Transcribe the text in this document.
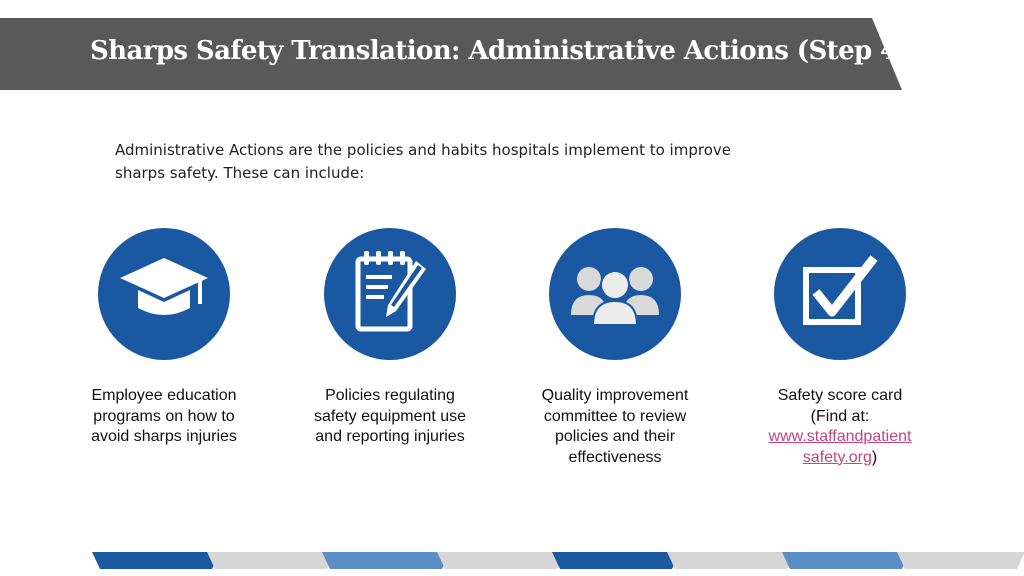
Sharps Safety Translation: Administrative Actions (Step 4)
Administrative Actions are the policies and habits hospitals implement to improve
sharps safety. These can include:
Employee education
programs on how to
avoid sharps injuries
Policies regulating
safety equipment use
and reporting injuries
Quality improvement
committee to review
policies and their
effectiveness
Safety score card
(Find at:
www.staffandpatient
safety.org)
